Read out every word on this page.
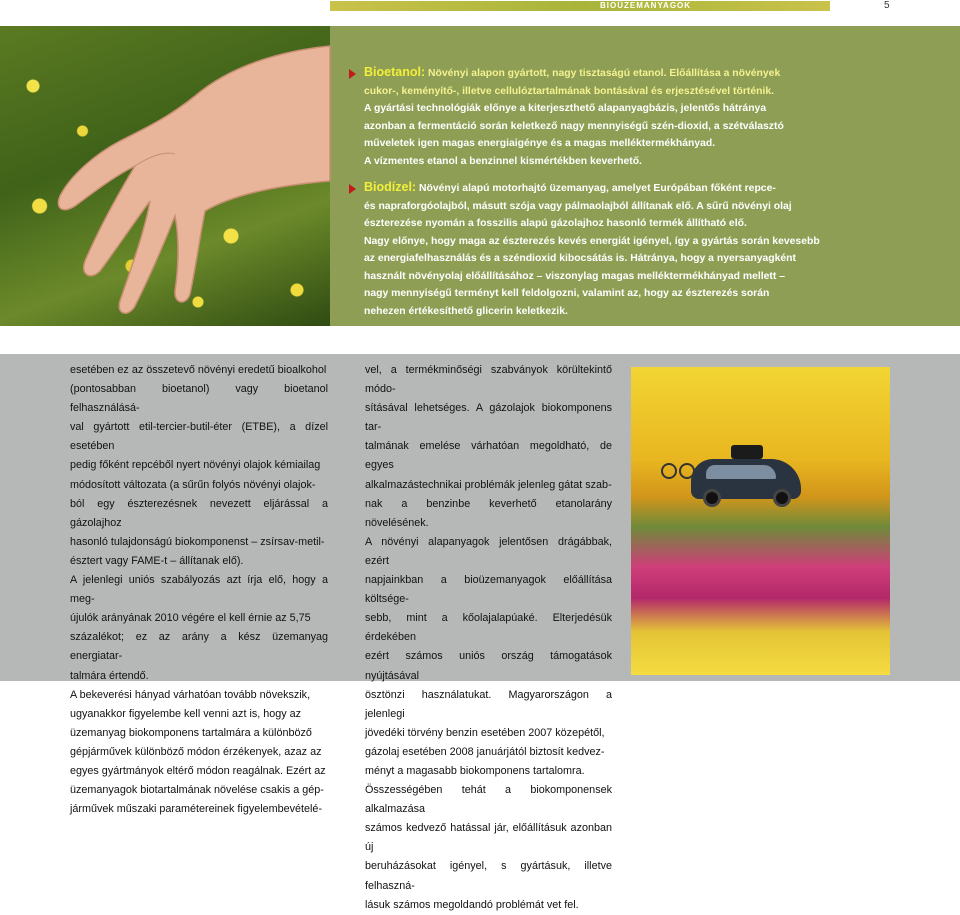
BIOÜZEMANYAGOK	5
Bioetanol: Növényi alapon gyártott, nagy tisztaságú etanol. Előállítása a növények
cukor-, keményítő-, illetve cellulóztartalmának bontásával és erjesztésével történik.
A gyártási technológiák előnye a kiterjeszthető alapanyagbázis, jelentős hátránya
azonban a fermentáció során keletkező nagy mennyiségű szén-dioxid, a szétválasztó
műveletek igen magas energiaigénye és a magas melléktermékhányad.
A vízmentes etanol a benzinnel kismértékben keverhető.
Biodízel: Növényi alapú motorhajtó üzemanyag, amelyet Európában főként repce-
és napraforgóolajból, másutt szója vagy pálmaolajból állítanak elő. A sűrű növényi olaj
észterezése nyomán a fosszilis alapú gázolajhoz hasonló termék állítható elő.
Nagy előnye, hogy maga az észterezés kevés energiát igényel, így a gyártás során kevesebb
az energiafelhasználás és a széndioxid kibocsátás is. Hátránya, hogy a nyersanyagként
használt növényolaj előállításához – viszonylag magas melléktermékhányad mellett –
nagy mennyiségű terményt kell feldolgozni, valamint az, hogy az észterezés során
nehezen értékesíthető glicerin keletkezik.

esetében ez az összetevő növényi eredetű bioalkohol

(pontosabban bioetanol) vagy bioetanol felhasználásá-

val gyártott etil-tercier-butil-éter (ETBE), a dízel esetében

pedig főként repcéből nyert növényi olajok kémiailag

módosított változata (a sűrűn folyós növényi olajok-

ból egy észterezésnek nevezett eljárással a gázolajhoz

hasonló tulajdonságú biokomponenst – zsírsav-metil-

észtert vagy FAME-t – állítanak elő).

A jelenlegi uniós szabályozás azt írja elő, hogy a meg-

újulók arányának 2010 végére el kell érnie az 5,75

százalékot; ez az arány a kész üzemanyag energiatar-

talmára értendő.

A bekeverési hányad várhatóan tovább növekszik,

ugyanakkor figyelembe kell venni azt is, hogy az

üzemanyag biokomponens tartalmára a különböző

gépjárművek különböző módon érzékenyek, azaz az

egyes gyártmányok eltérő módon reagálnak. Ezért az

üzemanyagok biotartalmának növelése csakis a gép-

járművek műszaki paramétereinek figyelembevételé-

vel, a termékminőségi szabványok körültekintő módo-

sításával lehetséges. A gázolajok biokomponens tar-

talmának emelése várhatóan megoldható, de egyes

alkalmazástechnikai problémák jelenleg gátat szab-

nak a benzinbe keverhető etanolarány növelésének.

A növényi alapanyagok jelentősen drágábbak, ezért

napjainkban a bioüzemanyagok előállítása költsége-

sebb, mint a kőolajalapúaké. Elterjedésük érdekében

ezért számos uniós ország támogatások nyújtásával

ösztönzi használatukat. Magyarországon a jelenlegi

jövedéki törvény benzin esetében 2007 közepétől,

gázolaj esetében 2008 januárjától biztosít kedvez-

ményt a magasabb biokomponens tartalomra.

Összességében tehát a biokomponensek alkalmazása

számos kedvező hatással jár, előállításuk azonban új

beruházásokat igényel, s gyártásuk, illetve felhaszná-

lásuk számos megoldandó problémát vet fel.
